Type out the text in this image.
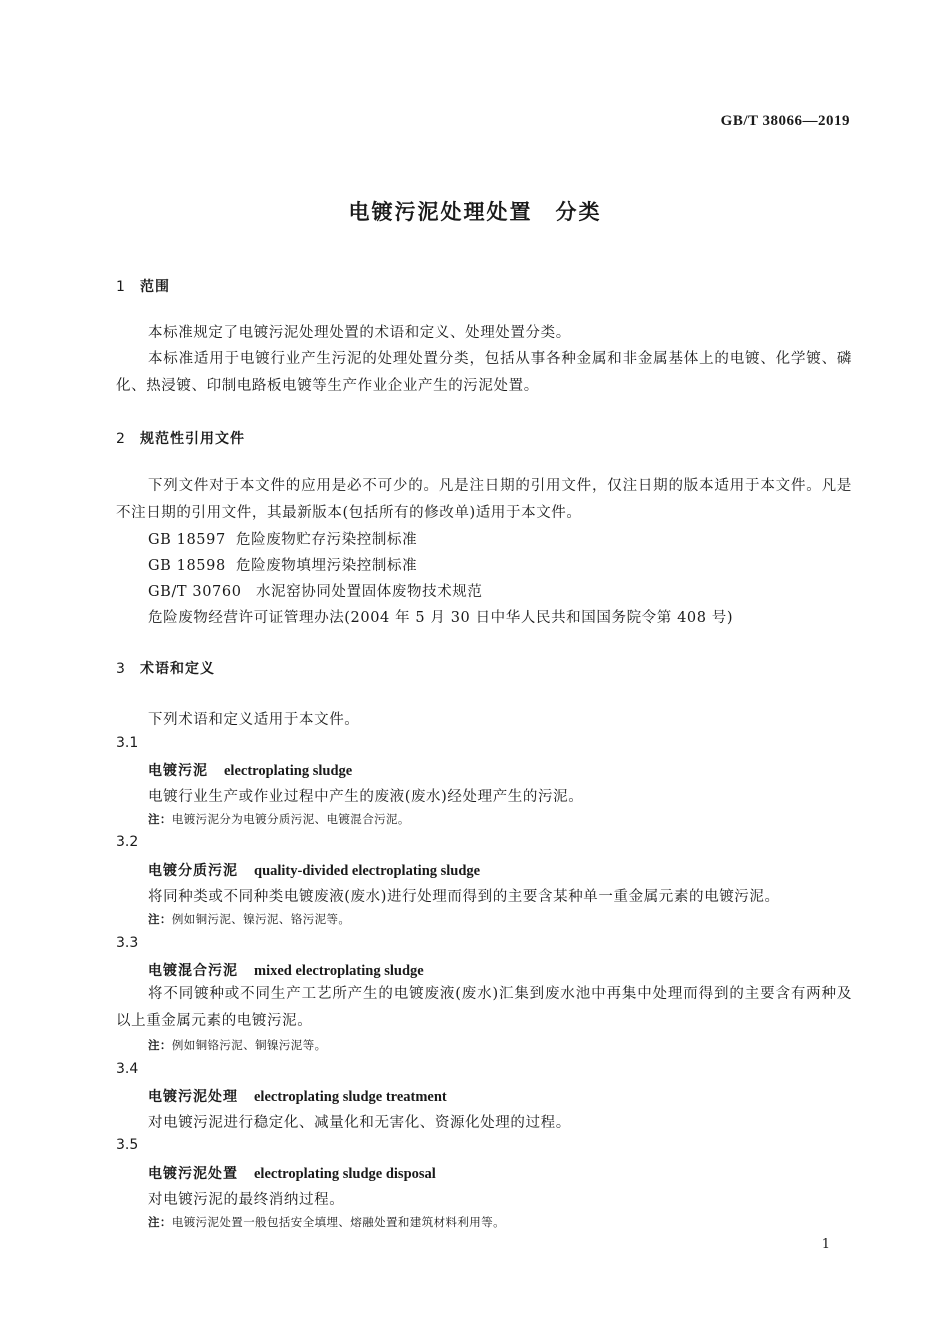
GB/T 38066—2019
电镀污泥处理处置　分类
1 范围
本标准规定了电镀污泥处理处置的术语和定义、处理处置分类。
本标准适用于电镀行业产生污泥的处理处置分类，包括从事各种金属和非金属基体上的电镀、化学镀、磷化、热浸镀、印制电路板电镀等生产作业企业产生的污泥处置。
2 规范性引用文件
下列文件对于本文件的应用是必不可少的。凡是注日期的引用文件，仅注日期的版本适用于本文件。凡是不注日期的引用文件，其最新版本(包括所有的修改单)适用于本文件。
GB 18597 危险废物贮存污染控制标准
GB 18598 危险废物填埋污染控制标准
GB/T 30760 水泥窑协同处置固体废物技术规范
危险废物经营许可证管理办法(2004 年 5 月 30 日中华人民共和国国务院令第 408 号)
3 术语和定义
下列术语和定义适用于本文件。
3.1
电镀污泥 electroplating sludge
电镀行业生产或作业过程中产生的废液(废水)经处理产生的污泥。
注：电镀污泥分为电镀分质污泥、电镀混合污泥。
3.2
电镀分质污泥 quality-divided electroplating sludge
将同种类或不同种类电镀废液(废水)进行处理而得到的主要含某种单一重金属元素的电镀污泥。
注：例如铜污泥、镍污泥、铬污泥等。
3.3
电镀混合污泥 mixed electroplating sludge
将不同镀种或不同生产工艺所产生的电镀废液(废水)汇集到废水池中再集中处理而得到的主要含有两种及以上重金属元素的电镀污泥。
注：例如铜铬污泥、铜镍污泥等。
3.4
电镀污泥处理 electroplating sludge treatment
对电镀污泥进行稳定化、减量化和无害化、资源化处理的过程。
3.5
电镀污泥处置 electroplating sludge disposal
对电镀污泥的最终消纳过程。
注：电镀污泥处置一般包括安全填埋、熔融处置和建筑材料利用等。
1
